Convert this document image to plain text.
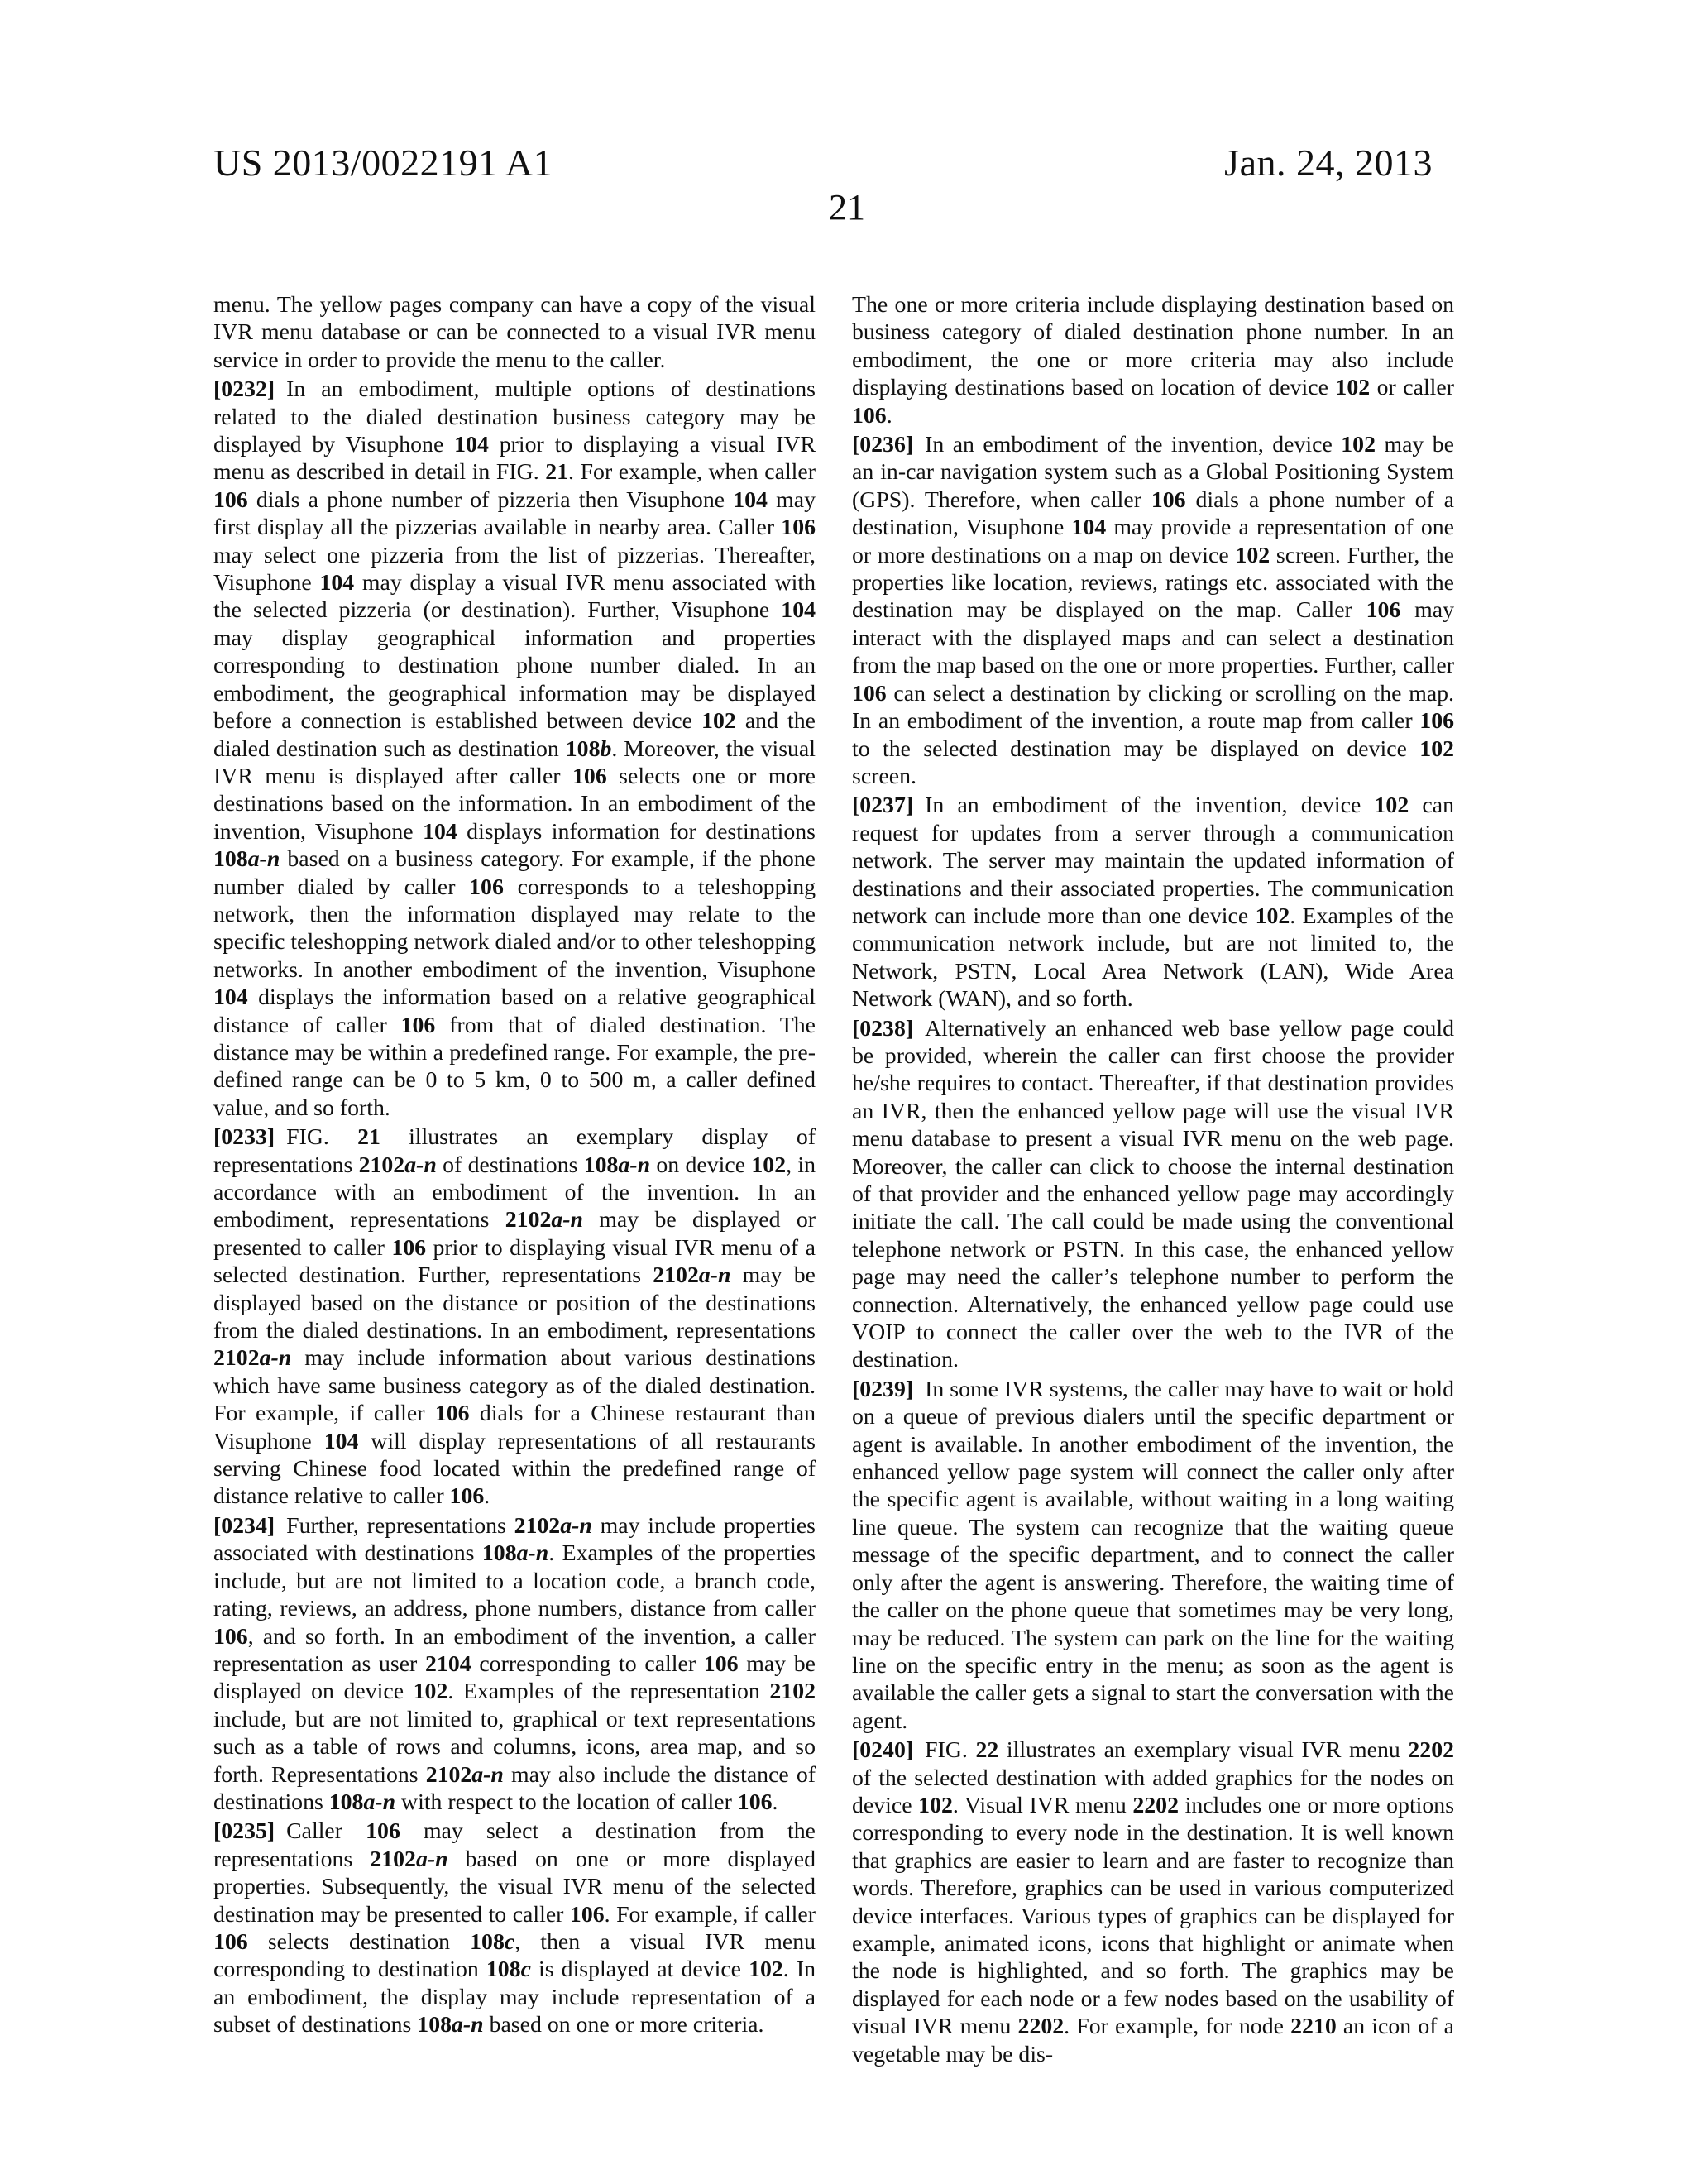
US 2013/0022191 A1	Jan. 24, 2013
21

menu. The yellow pages company can have a copy of the visual IVR menu database or can be connected to a visual IVR menu service in order to provide the menu to the caller.

[0232] In an embodiment, multiple options of destinations related to the dialed destination business category may be displayed by Visuphone 104 prior to displaying a visual IVR menu as described in detail in FIG. 21. For example, when caller 106 dials a phone number of pizzeria then Visuphone 104 may first display all the pizzerias available in nearby area. Caller 106 may select one pizzeria from the list of pizzerias. Thereafter, Visuphone 104 may display a visual IVR menu associated with the selected pizzeria (or destination). Further, Visuphone 104 may display geographical information and properties corresponding to destination phone number dialed. In an embodiment, the geographical information may be displayed before a connection is established between device 102 and the dialed destination such as destination 108b. Moreover, the visual IVR menu is displayed after caller 106 selects one or more destinations based on the information. In an embodiment of the invention, Visuphone 104 displays information for destinations 108a-n based on a business category. For example, if the phone number dialed by caller 106 corresponds to a teleshopping network, then the information displayed may relate to the specific teleshopping network dialed and/or to other teleshopping networks. In another embodiment of the invention, Visuphone 104 displays the information based on a relative geographical distance of caller 106 from that of dialed destination. The distance may be within a predefined range. For example, the pre-defined range can be 0 to 5 km, 0 to 500 m, a caller defined value, and so forth.

[0233] FIG. 21 illustrates an exemplary display of representations 2102a-n of destinations 108a-n on device 102, in accordance with an embodiment of the invention. In an embodiment, representations 2102a-n may be displayed or presented to caller 106 prior to displaying visual IVR menu of a selected destination. Further, representations 2102a-n may be displayed based on the distance or position of the destinations from the dialed destinations. In an embodiment, representations 2102a-n may include information about various destinations which have same business category as of the dialed destination. For example, if caller 106 dials for a Chinese restaurant than Visuphone 104 will display representations of all restaurants serving Chinese food located within the predefined range of distance relative to caller 106.

[0234] Further, representations 2102a-n may include properties associated with destinations 108a-n. Examples of the properties include, but are not limited to a location code, a branch code, rating, reviews, an address, phone numbers, distance from caller 106, and so forth. In an embodiment of the invention, a caller representation as user 2104 corresponding to caller 106 may be displayed on device 102. Examples of the representation 2102 include, but are not limited to, graphical or text representations such as a table of rows and columns, icons, area map, and so forth. Representations 2102a-n may also include the distance of destinations 108a-n with respect to the location of caller 106.

[0235] Caller 106 may select a destination from the representations 2102a-n based on one or more displayed properties. Subsequently, the visual IVR menu of the selected destination may be presented to caller 106. For example, if caller 106 selects destination 108c, then a visual IVR menu corresponding to destination 108c is displayed at device 102. In an embodiment, the display may include representation of a subset of destinations 108a-n based on one or more criteria.

The one or more criteria include displaying destination based on business category of dialed destination phone number. In an embodiment, the one or more criteria may also include displaying destinations based on location of device 102 or caller 106.

[0236] In an embodiment of the invention, device 102 may be an in-car navigation system such as a Global Positioning System (GPS). Therefore, when caller 106 dials a phone number of a destination, Visuphone 104 may provide a representation of one or more destinations on a map on device 102 screen. Further, the properties like location, reviews, ratings etc. associated with the destination may be displayed on the map. Caller 106 may interact with the displayed maps and can select a destination from the map based on the one or more properties. Further, caller 106 can select a destination by clicking or scrolling on the map. In an embodiment of the invention, a route map from caller 106 to the selected destination may be displayed on device 102 screen.

[0237] In an embodiment of the invention, device 102 can request for updates from a server through a communication network. The server may maintain the updated information of destinations and their associated properties. The communication network can include more than one device 102. Examples of the communication network include, but are not limited to, the Network, PSTN, Local Area Network (LAN), Wide Area Network (WAN), and so forth.

[0238] Alternatively an enhanced web base yellow page could be provided, wherein the caller can first choose the provider he/she requires to contact. Thereafter, if that destination provides an IVR, then the enhanced yellow page will use the visual IVR menu database to present a visual IVR menu on the web page. Moreover, the caller can click to choose the internal destination of that provider and the enhanced yellow page may accordingly initiate the call. The call could be made using the conventional telephone network or PSTN. In this case, the enhanced yellow page may need the caller’s telephone number to perform the connection. Alternatively, the enhanced yellow page could use VOIP to connect the caller over the web to the IVR of the destination.

[0239] In some IVR systems, the caller may have to wait or hold on a queue of previous dialers until the specific department or agent is available. In another embodiment of the invention, the enhanced yellow page system will connect the caller only after the specific agent is available, without waiting in a long waiting line queue. The system can recognize that the waiting queue message of the specific department, and to connect the caller only after the agent is answering. Therefore, the waiting time of the caller on the phone queue that sometimes may be very long, may be reduced. The system can park on the line for the waiting line on the specific entry in the menu; as soon as the agent is available the caller gets a signal to start the conversation with the agent.

[0240] FIG. 22 illustrates an exemplary visual IVR menu 2202 of the selected destination with added graphics for the nodes on device 102. Visual IVR menu 2202 includes one or more options corresponding to every node in the destination. It is well known that graphics are easier to learn and are faster to recognize than words. Therefore, graphics can be used in various computerized device interfaces. Various types of graphics can be displayed for example, animated icons, icons that highlight or animate when the node is highlighted, and so forth. The graphics may be displayed for each node or a few nodes based on the usability of visual IVR menu 2202. For example, for node 2210 an icon of a vegetable may be dis-
